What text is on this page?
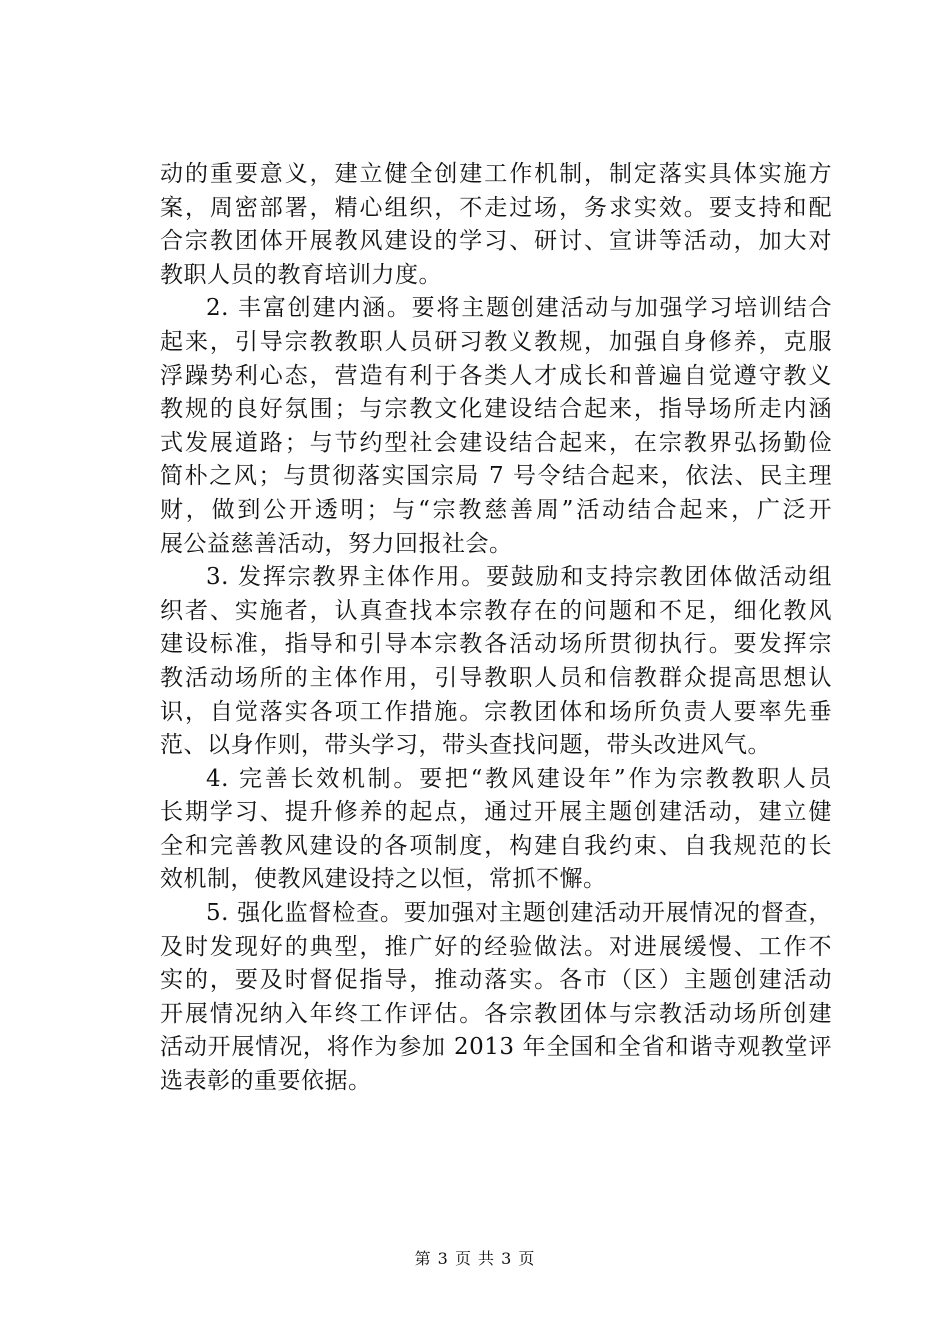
动的重要意义，建立健全创建工作机制，制定落实具体实施方
案，周密部署，精心组织，不走过场，务求实效。要支持和配
合宗教团体开展教风建设的学习、研讨、宣讲等活动，加大对
教职人员的教育培训力度。
2. 丰富创建内涵。要将主题创建活动与加强学习培训结合
起来，引导宗教教职人员研习教义教规，加强自身修养，克服
浮躁势利心态，营造有利于各类人才成长和普遍自觉遵守教义
教规的良好氛围；与宗教文化建设结合起来，指导场所走内涵
式发展道路；与节约型社会建设结合起来，在宗教界弘扬勤俭
简朴之风；与贯彻落实国宗局 7 号令结合起来，依法、民主理
财，做到公开透明；与“宗教慈善周”活动结合起来，广泛开
展公益慈善活动，努力回报社会。
3. 发挥宗教界主体作用。要鼓励和支持宗教团体做活动组
织者、实施者，认真查找本宗教存在的问题和不足，细化教风
建设标准，指导和引导本宗教各活动场所贯彻执行。要发挥宗
教活动场所的主体作用，引导教职人员和信教群众提高思想认
识，自觉落实各项工作措施。宗教团体和场所负责人要率先垂
范、以身作则，带头学习，带头查找问题，带头改进风气。
4. 完善长效机制。要把“教风建设年”作为宗教教职人员
长期学习、提升修养的起点，通过开展主题创建活动，建立健
全和完善教风建设的各项制度，构建自我约束、自我规范的长
效机制，使教风建设持之以恒，常抓不懈。
5. 强化监督检查。要加强对主题创建活动开展情况的督查，
及时发现好的典型，推广好的经验做法。对进展缓慢、工作不
实的，要及时督促指导，推动落实。各市（区）主题创建活动
开展情况纳入年终工作评估。各宗教团体与宗教活动场所创建
活动开展情况，将作为参加 2013 年全国和全省和谐寺观教堂评
选表彰的重要依据。
第 3 页 共 3 页
